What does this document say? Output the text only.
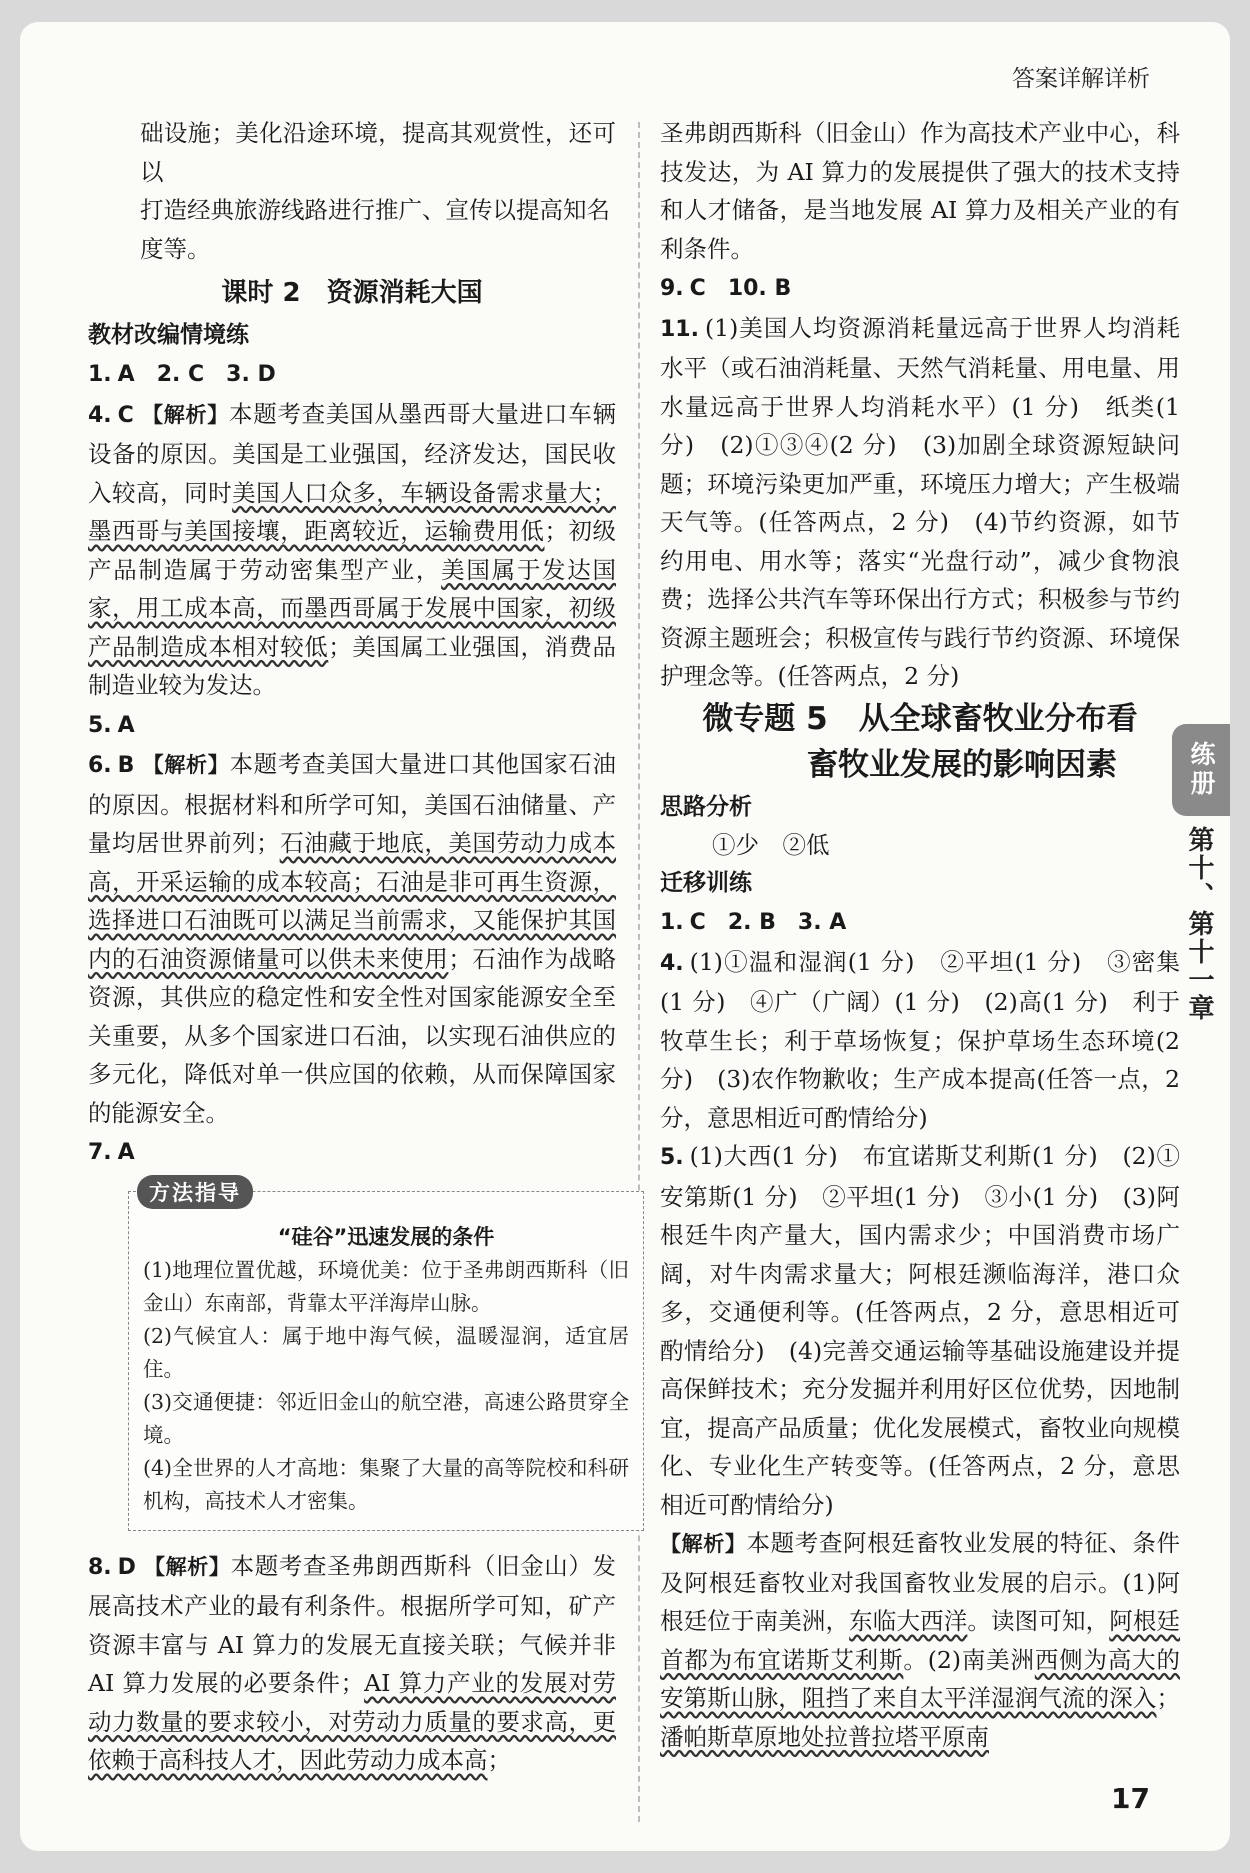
答案详解详析
础设施；美化沿途环境，提高其观赏性，还可以
打造经典旅游线路进行推广、宣传以提高知名
度等。
课时 2　资源消耗大国
教材改编情境练
1. A　2. C　3. D
4. C 【解析】本题考查美国从墨西哥大量进口车辆设备的原因。美国是工业强国，经济发达，国民收入较高，同时美国人口众多，车辆设备需求量大；墨西哥与美国接壤，距离较近，运输费用低；初级产品制造属于劳动密集型产业，美国属于发达国家，用工成本高，而墨西哥属于发展中国家，初级产品制造成本相对较低；美国属工业强国，消费品制造业较为发达。
5. A
6. B 【解析】本题考查美国大量进口其他国家石油的原因。根据材料和所学可知，美国石油储量、产量均居世界前列；石油藏于地底，美国劳动力成本高，开采运输的成本较高；石油是非可再生资源，选择进口石油既可以满足当前需求，又能保护其国内的石油资源储量可以供未来使用；石油作为战略资源，其供应的稳定性和安全性对国家能源安全至关重要，从多个国家进口石油，以实现石油供应的多元化，降低对单一供应国的依赖，从而保障国家的能源安全。
7. A
方法指导
“硅谷”迅速发展的条件
(1)地理位置优越，环境优美：位于圣弗朗西斯科（旧金山）东南部，背靠太平洋海岸山脉。
(2)气候宜人：属于地中海气候，温暖湿润，适宜居住。
(3)交通便捷：邻近旧金山的航空港，高速公路贯穿全境。
(4)全世界的人才高地：集聚了大量的高等院校和科研机构，高技术人才密集。
8. D 【解析】本题考查圣弗朗西斯科（旧金山）发展高技术产业的最有利条件。根据所学可知，矿产资源丰富与 AI 算力的发展无直接关联；气候并非 AI 算力发展的必要条件；AI 算力产业的发展对劳动力数量的要求较小，对劳动力质量的要求高，更依赖于高科技人才，因此劳动力成本高；
圣弗朗西斯科（旧金山）作为高技术产业中心，科技发达，为 AI 算力的发展提供了强大的技术支持和人才储备，是当地发展 AI 算力及相关产业的有利条件。
9. C　10. B
11. (1)美国人均资源消耗量远高于世界人均消耗水平（或石油消耗量、天然气消耗量、用电量、用水量远高于世界人均消耗水平）(1 分)　纸类(1 分)　(2)①③④(2 分)　(3)加剧全球资源短缺问题；环境污染更加严重，环境压力增大；产生极端天气等。(任答两点，2 分)　(4)节约资源，如节约用电、用水等；落实“光盘行动”，减少食物浪费；选择公共汽车等环保出行方式；积极参与节约资源主题班会；积极宣传与践行节约资源、环境保护理念等。(任答两点，2 分)
微专题 5　从全球畜牧业分布看
畜牧业发展的影响因素
思路分析
①少　②低
迁移训练
1. C　2. B　3. A
4. (1)①温和湿润(1 分)　②平坦(1 分)　③密集(1 分)　④广（广阔）(1 分)　(2)高(1 分)　利于牧草生长；利于草场恢复；保护草场生态环境(2 分)　(3)农作物歉收；生产成本提高(任答一点，2 分，意思相近可酌情给分)
5. (1)大西(1 分)　布宜诺斯艾利斯(1 分)　(2)①安第斯(1 分)　②平坦(1 分)　③小(1 分)　(3)阿根廷牛肉产量大，国内需求少；中国消费市场广阔，对牛肉需求量大；阿根廷濒临海洋，港口众多，交通便利等。(任答两点，2 分，意思相近可酌情给分)　(4)完善交通运输等基础设施建设并提高保鲜技术；充分发掘并利用好区位优势，因地制宜，提高产品质量；优化发展模式，畜牧业向规模化、专业化生产转变等。(任答两点，2 分，意思相近可酌情给分)
【解析】本题考查阿根廷畜牧业发展的特征、条件及阿根廷畜牧业对我国畜牧业发展的启示。(1)阿根廷位于南美洲，东临大西洋。读图可知，阿根廷首都为布宜诺斯艾利斯。(2)南美洲西侧为高大的安第斯山脉，阻挡了来自太平洋湿润气流的深入；潘帕斯草原地处拉普拉塔平原南
练册
第十、第十一章
17
